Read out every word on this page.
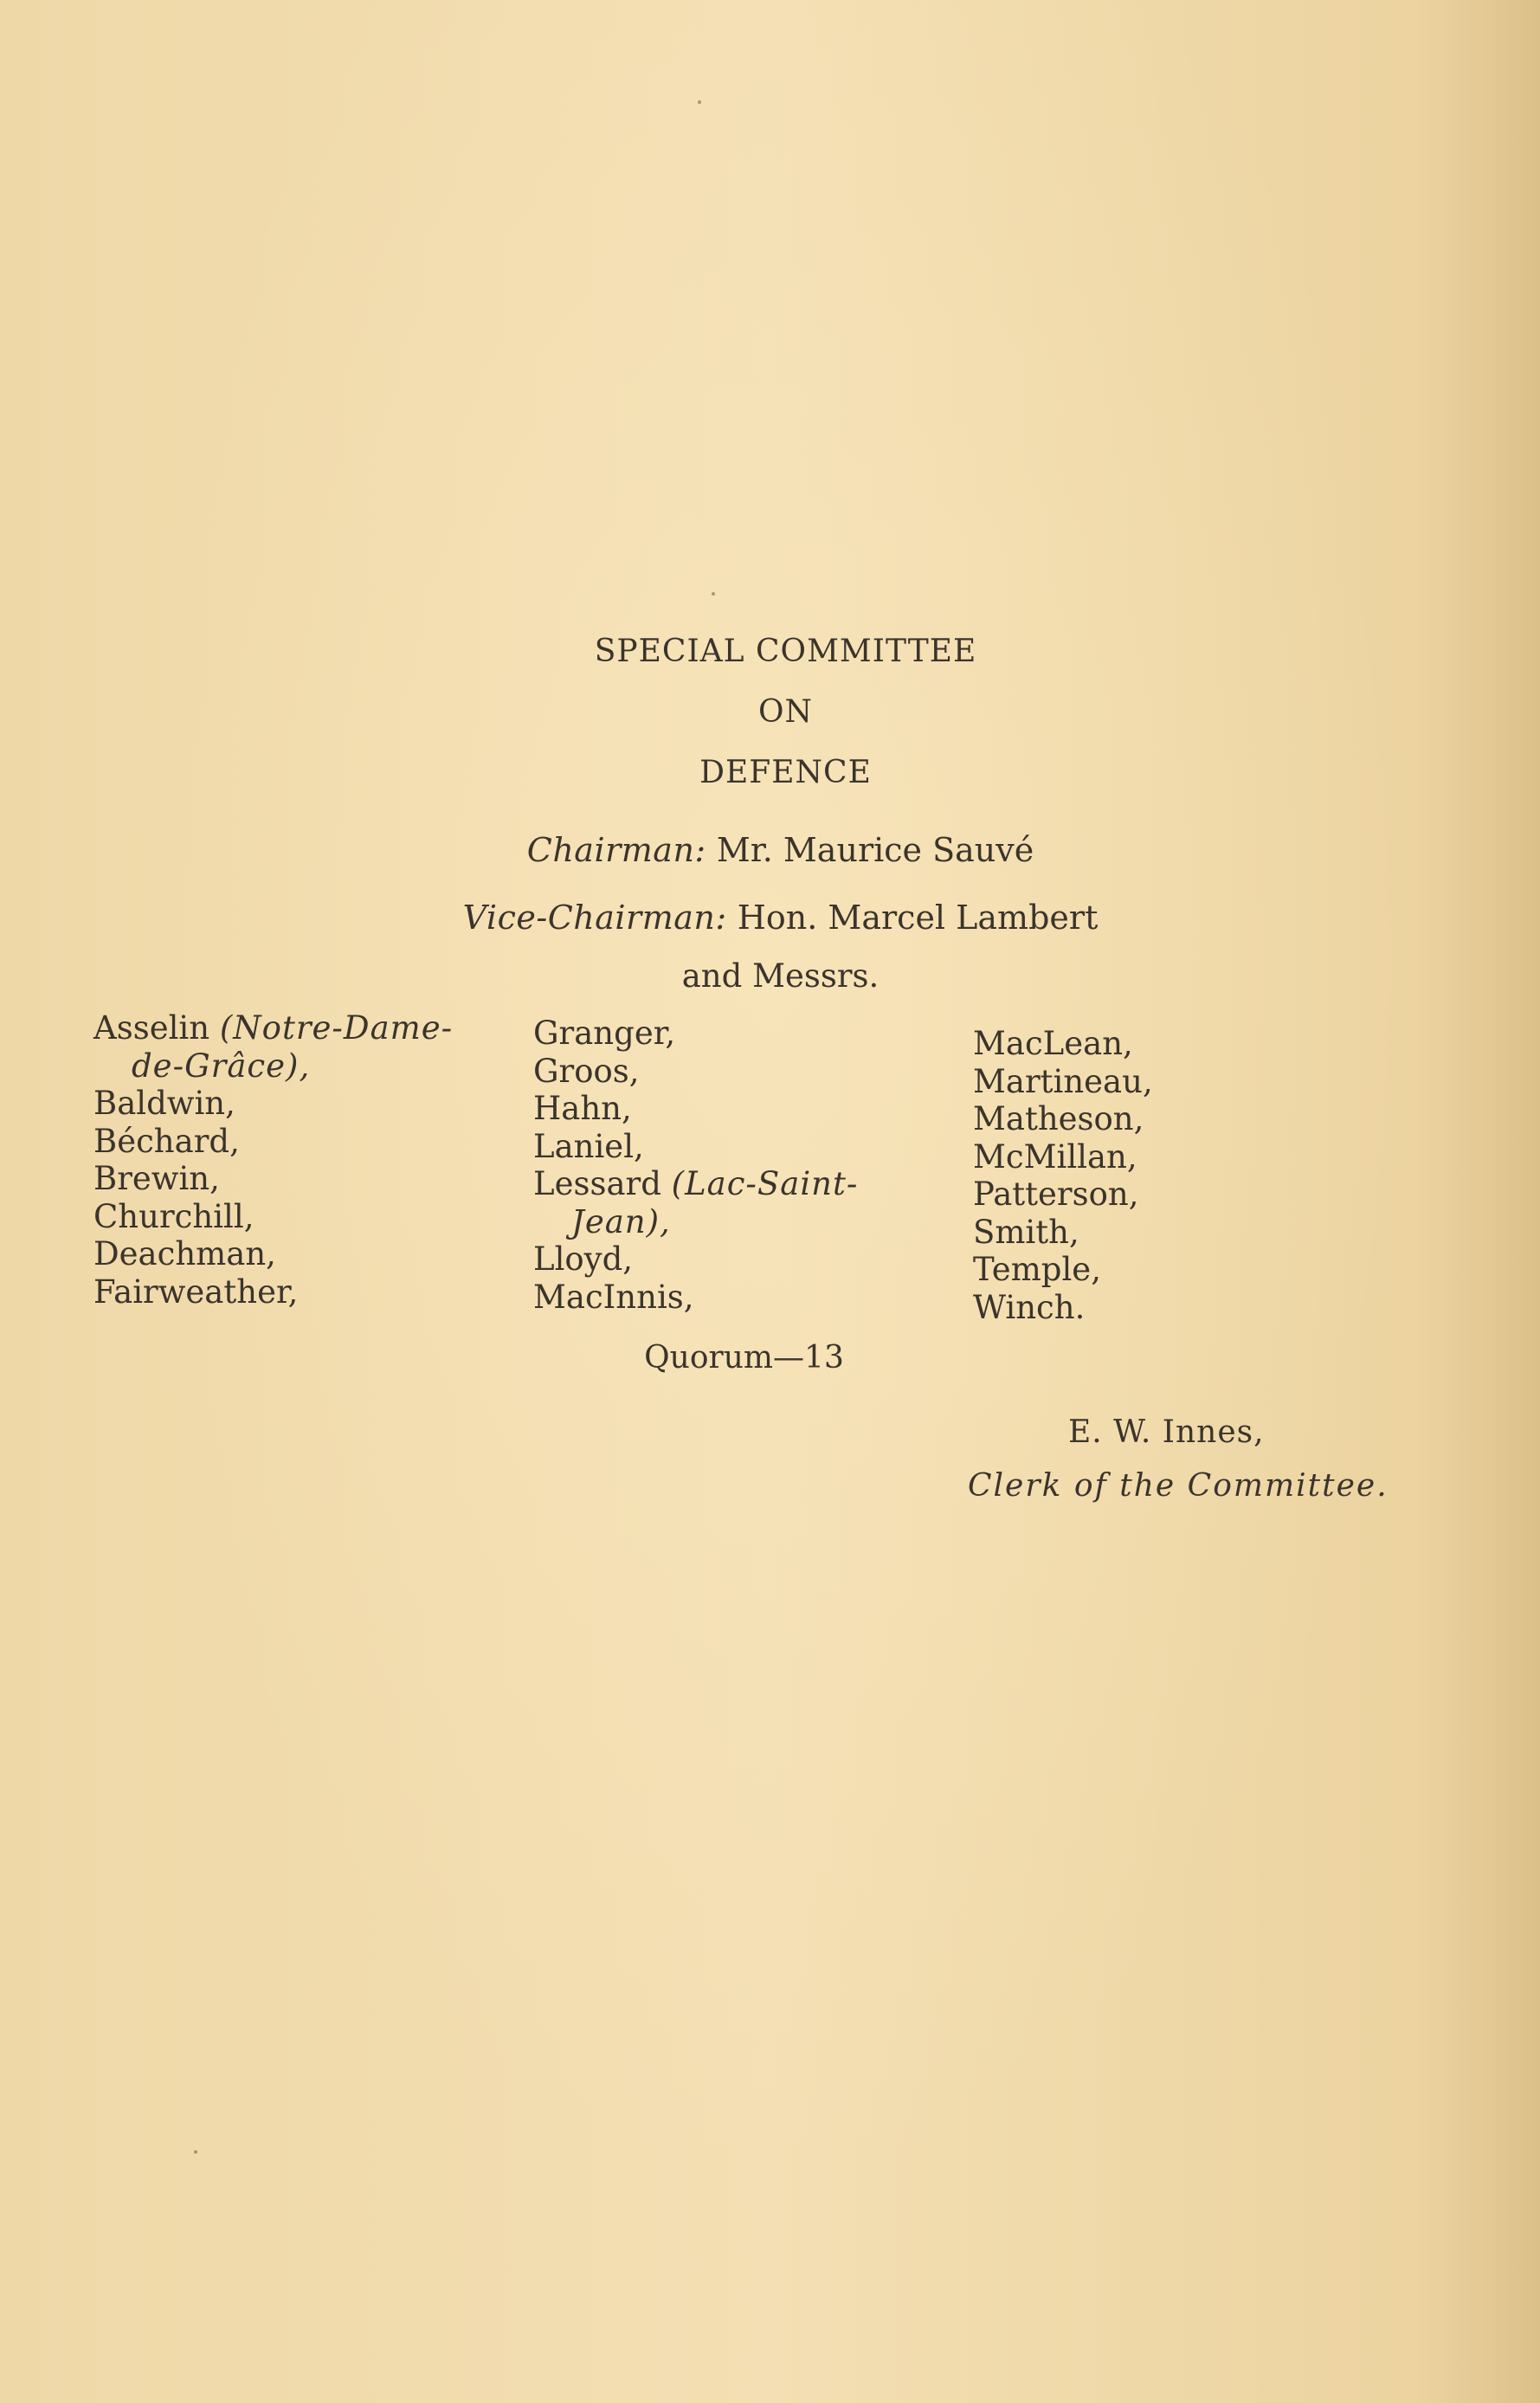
SPECIAL COMMITTEE
ON
DEFENCE
Chairman: Mr. Maurice Sauvé
Vice-Chairman: Hon. Marcel Lambert
and Messrs.
Asselin (Notre-Dame-
de-Grâce),
Baldwin,
Béchard,
Brewin,
Churchill,
Deachman,
Fairweather,
Granger,
Groos,
Hahn,
Laniel,
Lessard (Lac-Saint-
Jean),
Lloyd,
MacInnis,
MacLean,
Martineau,
Matheson,
McMillan,
Patterson,
Smith,
Temple,
Winch.
Quorum—13
E. W. Innes,
Clerk of the Committee.
